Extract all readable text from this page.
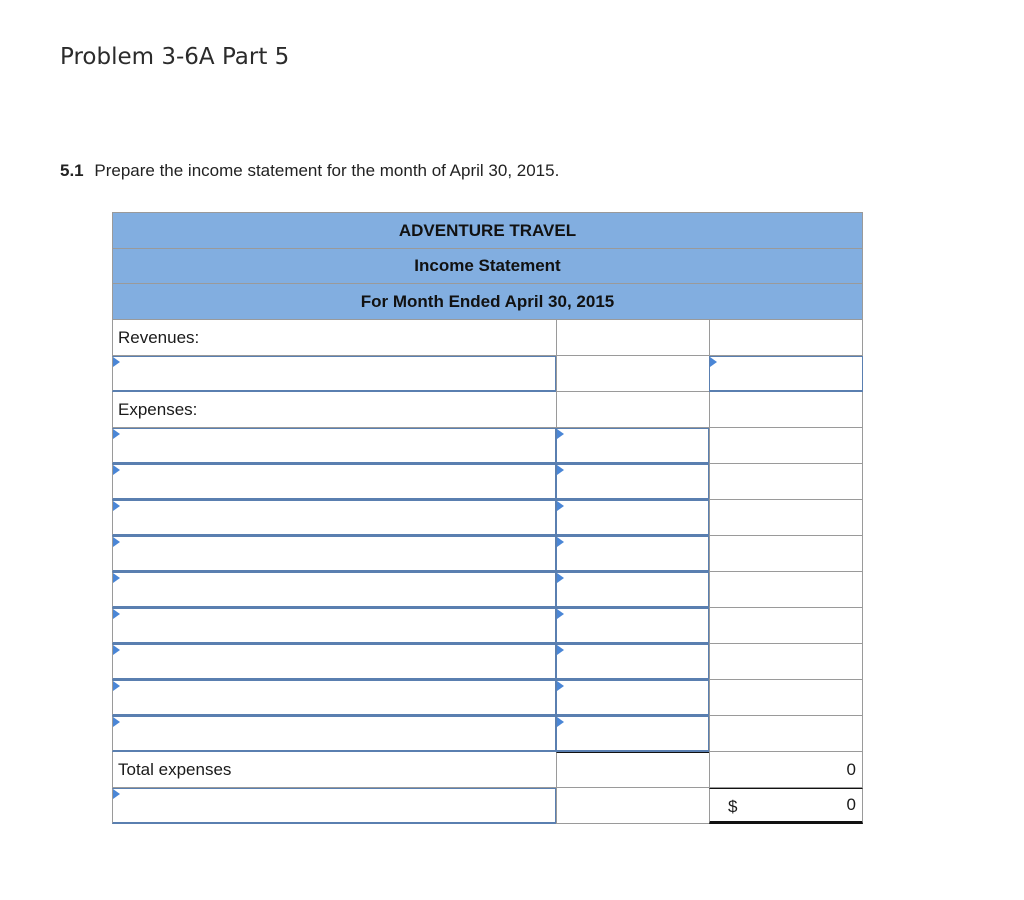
Problem 3-6A Part 5
5.1 Prepare the income statement for the month of April 30, 2015.
ADVENTURE TRAVEL
Income Statement
For Month Ended April 30, 2015
Revenues:
Expenses:
Total expenses	0
$	0
